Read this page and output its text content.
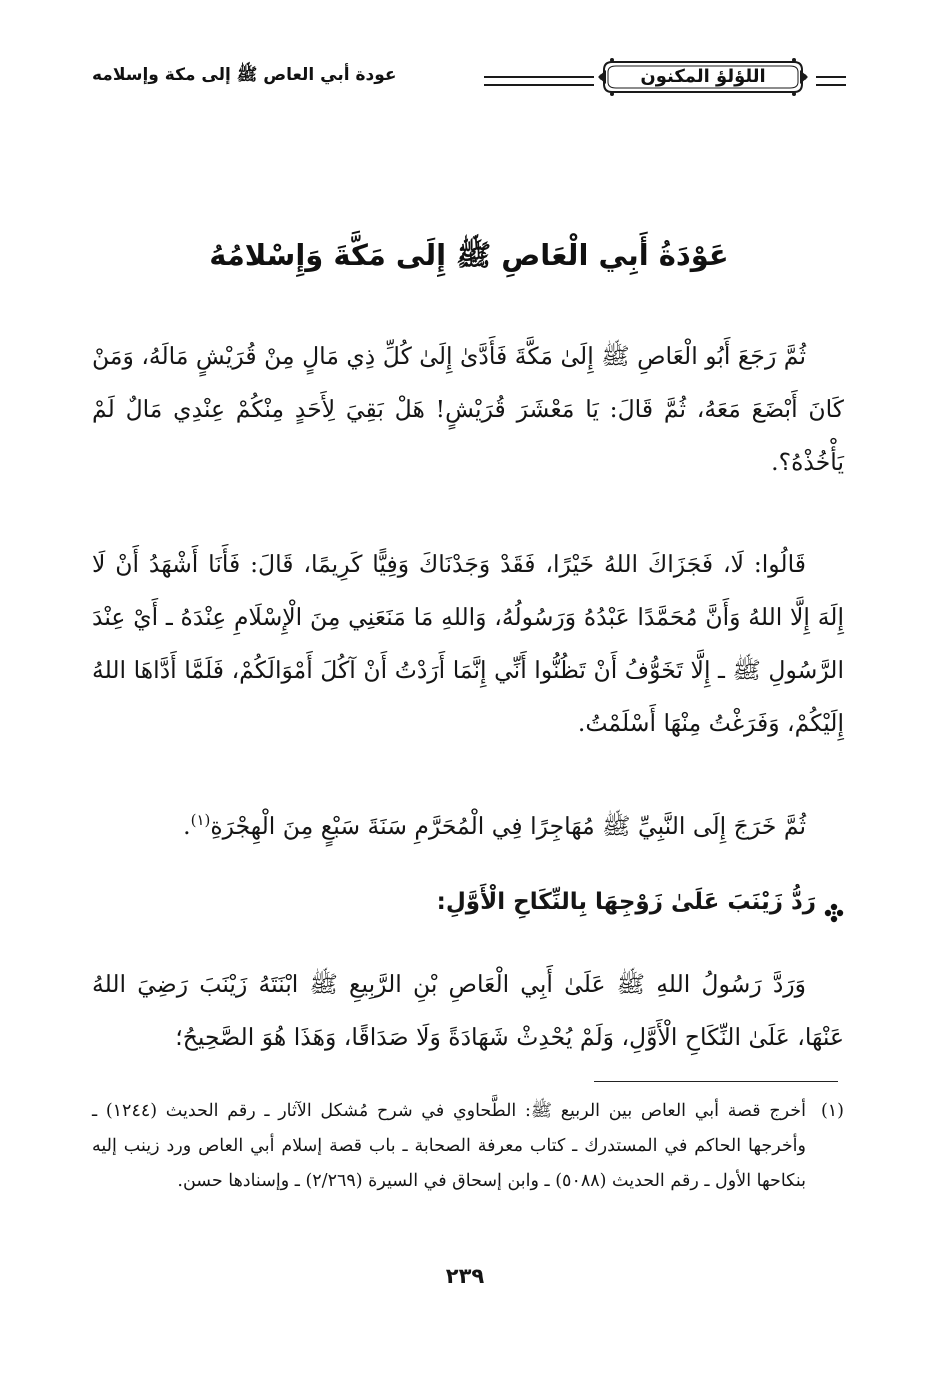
اللؤلؤ المكنون
عودة أبي العاص ﷺ إلى مكة وإسلامه
عَوْدَةُ أَبِي الْعَاصِ ﷺ إِلَى مَكَّةَ وَإِسْلامُهُ
ثُمَّ رَجَعَ أَبُو الْعَاصِ ﷺ إِلَىٰ مَكَّةَ فَأَدَّىٰ إِلَىٰ كُلِّ ذِي مَالٍ مِنْ قُرَيْشٍ مَالَهُ، وَمَنْ كَانَ أَبْضَعَ مَعَهُ، ثُمَّ قَالَ: يَا مَعْشَرَ قُرَيْشٍ! هَلْ بَقِيَ لِأَحَدٍ مِنْكُمْ عِنْدِي مَالٌ لَمْ يَأْخُذْهُ؟.
قَالُوا: لَا، فَجَزَاكَ اللهُ خَيْرًا، فَقَدْ وَجَدْنَاكَ وَفِيًّا كَرِيمًا، قَالَ: فَأَنَا أَشْهَدُ أَنْ لَا إِلَهَ إِلَّا اللهُ وَأَنَّ مُحَمَّدًا عَبْدُهُ وَرَسُولُهُ، وَاللهِ مَا مَنَعَنِي مِنَ الْإِسْلَامِ عِنْدَهُ ـ أَيْ عِنْدَ الرَّسُولِ ﷺ ـ إِلَّا تَخَوُّفُ أَنْ تَظُنُّوا أَنِّي إِنَّمَا أَرَدْتُ أَنْ آكُلَ أَمْوَالَكُمْ، فَلَمَّا أَدَّاهَا اللهُ إِلَيْكُمْ، وَفَرَغْتُ مِنْهَا أَسْلَمْتُ.
ثُمَّ خَرَجَ إِلَى النَّبِيِّ ﷺ مُهَاجِرًا فِي الْمُحَرَّمِ سَنَةَ سَبْعٍ مِنَ الْهِجْرَةِ$^{(١)}$.
رَدُّ زَيْنَبَ عَلَىٰ زَوْجِهَا بِالنِّكَاحِ الْأَوَّلِ:
وَرَدَّ رَسُولُ اللهِ ﷺ عَلَىٰ أَبِي الْعَاصِ بْنِ الرَّبِيعِ ﷺ ابْنَتَهُ زَيْنَبَ رَضِيَ اللهُ عَنْهَا، عَلَىٰ النِّكَاحِ الْأَوَّلِ، وَلَمْ يُحْدِثْ شَهَادَةً وَلَا صَدَاقًا، وَهَذَا هُوَ الصَّحِيحُ؛
(١)
أخرج قصة أبي العاص بين الربيع ﷺ: الطَّحاوي في شرح مُشكل الآثار ـ رقم الحديث (١٢٤٤) ـ وأخرجها الحاكم في المستدرك ـ كتاب معرفة الصحابة ـ باب قصة إسلام أبي العاص ورد زينب إليه بنكاحها الأول ـ رقم الحديث (٥٠٨٨) ـ وابن إسحاق في السيرة (٢/٢٦٩) ـ وإسنادها حسن.
٢٣٩
